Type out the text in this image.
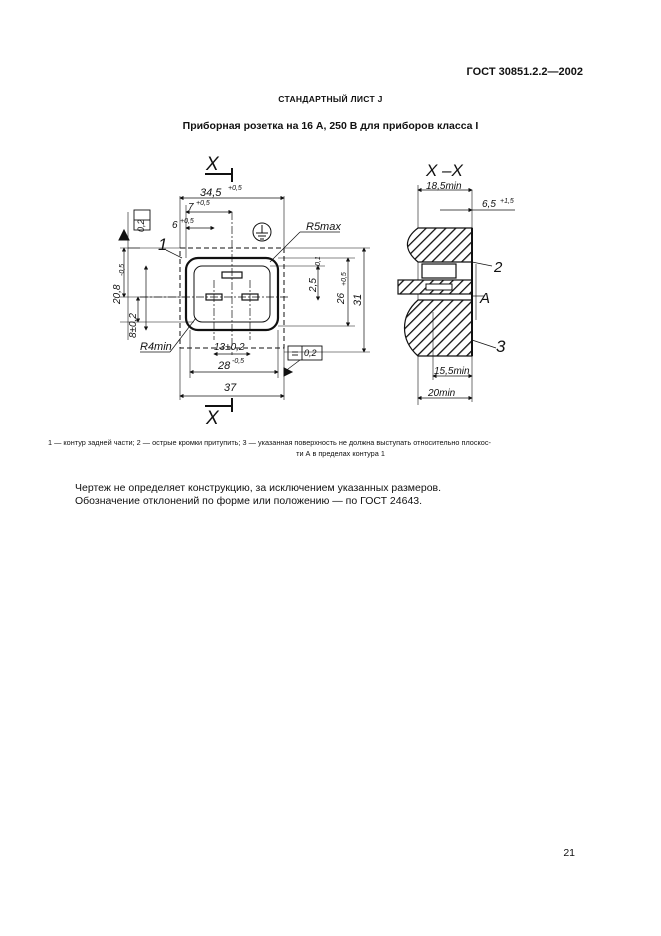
ГОСТ 30851.2.2—2002
СТАНДАРТНЫЙ ЛИСТ J
Приборная розетка на 16 А, 250 В для приборов класса I
X
X
34,5 +0,5
7 +0,5
6 +0,5	R5max
R4min
1
0,2
0,2
20,8
-0,5
8±0,2
2,5
+0,1
26
+0,5
31
13±0,2
28 -0,5
37
X –X
18,5min
6,5 +1,5
2
A
3
15,5min
20min
1 — контур задней части; 2 — острые кромки притупить; 3 — указанная поверхность не должна выступать относительно плоскос-
ти А в пределах контура 1
Чертеж не определяет конструкцию, за исключением указанных размеров.
Обозначение отклонений по форме или положению — по ГОСТ 24643.
21
